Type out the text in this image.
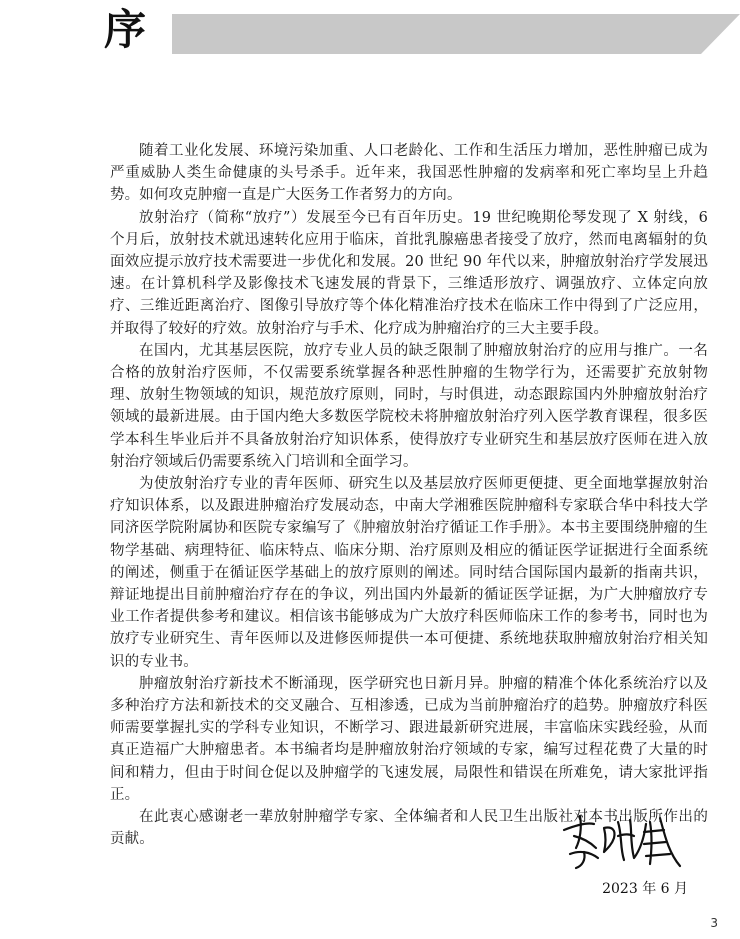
序

随着工业化发展、环境污染加重、人口老龄化、工作和生活压力增加，恶性肿瘤已成为严重威胁人类生命健康的头号杀手。近年来，我国恶性肿瘤的发病率和死亡率均呈上升趋势。如何攻克肿瘤一直是广大医务工作者努力的方向。

放射治疗（简称“放疗”）发展至今已有百年历史。19 世纪晚期伦琴发现了 X 射线，6 个月后，放射技术就迅速转化应用于临床，首批乳腺癌患者接受了放疗，然而电离辐射的负面效应提示放疗技术需要进一步优化和发展。20 世纪 90 年代以来，肿瘤放射治疗学发展迅速。在计算机科学及影像技术飞速发展的背景下，三维适形放疗、调强放疗、立体定向放疗、三维近距离治疗、图像引导放疗等个体化精准治疗技术在临床工作中得到了广泛应用，并取得了较好的疗效。放射治疗与手术、化疗成为肿瘤治疗的三大主要手段。

在国内，尤其基层医院，放疗专业人员的缺乏限制了肿瘤放射治疗的应用与推广。一名合格的放射治疗医师，不仅需要系统掌握各种恶性肿瘤的生物学行为，还需要扩充放射物理、放射生物领域的知识，规范放疗原则，同时，与时俱进，动态跟踪国内外肿瘤放射治疗领域的最新进展。由于国内绝大多数医学院校未将肿瘤放射治疗列入医学教育课程，很多医学本科生毕业后并不具备放射治疗知识体系，使得放疗专业研究生和基层放疗医师在进入放射治疗领域后仍需要系统入门培训和全面学习。

为使放射治疗专业的青年医师、研究生以及基层放疗医师更便捷、更全面地掌握放射治疗知识体系，以及跟进肿瘤治疗发展动态，中南大学湘雅医院肿瘤科专家联合华中科技大学同济医学院附属协和医院专家编写了《肿瘤放射治疗循证工作手册》。本书主要围绕肿瘤的生物学基础、病理特征、临床特点、临床分期、治疗原则及相应的循证医学证据进行全面系统的阐述，侧重于在循证医学基础上的放疗原则的阐述。同时结合国际国内最新的指南共识，辩证地提出目前肿瘤治疗存在的争议，列出国内外最新的循证医学证据，为广大肿瘤放疗专业工作者提供参考和建议。相信该书能够成为广大放疗科医师临床工作的参考书，同时也为放疗专业研究生、青年医师以及进修医师提供一本可便捷、系统地获取肿瘤放射治疗相关知识的专业书。

肿瘤放射治疗新技术不断涌现，医学研究也日新月异。肿瘤的精准个体化系统治疗以及多种治疗方法和新技术的交叉融合、互相渗透，已成为当前肿瘤治疗的趋势。肿瘤放疗科医师需要掌握扎实的学科专业知识，不断学习、跟进最新研究进展，丰富临床实践经验，从而真正造福广大肿瘤患者。本书编者均是肿瘤放射治疗领域的专家，编写过程花费了大量的时间和精力，但由于时间仓促以及肿瘤学的飞速发展，局限性和错误在所难免，请大家批评指正。

在此衷心感谢老一辈放射肿瘤学专家、全体编者和人民卫生出版社对本书出版所作出的贡献。

2023 年 6 月
3
